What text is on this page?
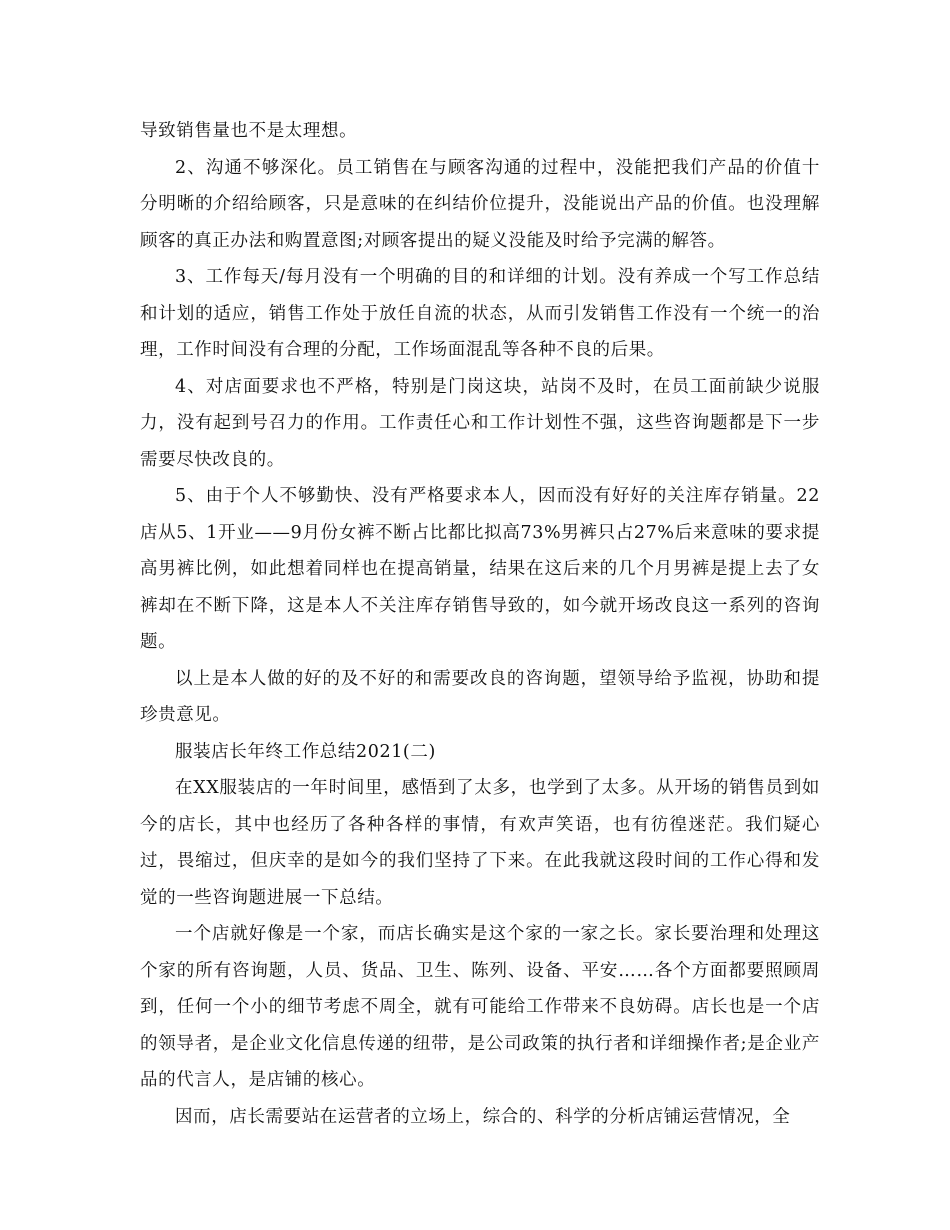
导致销售量也不是太理想。

2、沟通不够深化。员工销售在与顾客沟通的过程中，没能把我们产品的价值十分明晰的介绍给顾客，只是意味的在纠结价位提升，没能说出产品的价值。也没理解顾客的真正办法和购置意图;对顾客提出的疑义没能及时给予完满的解答。

3、工作每天/每月没有一个明确的目的和详细的计划。没有养成一个写工作总结和计划的适应，销售工作处于放任自流的状态，从而引发销售工作没有一个统一的治理，工作时间没有合理的分配，工作场面混乱等各种不良的后果。

4、对店面要求也不严格，特别是门岗这块，站岗不及时，在员工面前缺少说服力，没有起到号召力的作用。工作责任心和工作计划性不强，这些咨询题都是下一步需要尽快改良的。

5、由于个人不够勤快、没有严格要求本人，因而没有好好的关注库存销量。22店从5、1开业——9月份女裤不断占比都比拟高73%男裤只占27%后来意味的要求提高男裤比例，如此想着同样也在提高销量，结果在这后来的几个月男裤是提上去了女裤却在不断下降，这是本人不关注库存销售导致的，如今就开场改良这一系列的咨询题。

以上是本人做的好的及不好的和需要改良的咨询题，望领导给予监视，协助和提珍贵意见。

服装店长年终工作总结2021(二)

在XX服装店的一年时间里，感悟到了太多，也学到了太多。从开场的销售员到如今的店长，其中也经历了各种各样的事情，有欢声笑语，也有彷徨迷茫。我们疑心过，畏缩过，但庆幸的是如今的我们坚持了下来。在此我就这段时间的工作心得和发觉的一些咨询题进展一下总结。

一个店就好像是一个家，而店长确实是这个家的一家之长。家长要治理和处理这个家的所有咨询题，人员、货品、卫生、陈列、设备、平安……各个方面都要照顾周到，任何一个小的细节考虑不周全，就有可能给工作带来不良妨碍。店长也是一个店的领导者，是企业文化信息传递的纽带，是公司政策的执行者和详细操作者;是企业产品的代言人，是店铺的核心。

因而，店长需要站在运营者的立场上，综合的、科学的分析店铺运营情况，全
